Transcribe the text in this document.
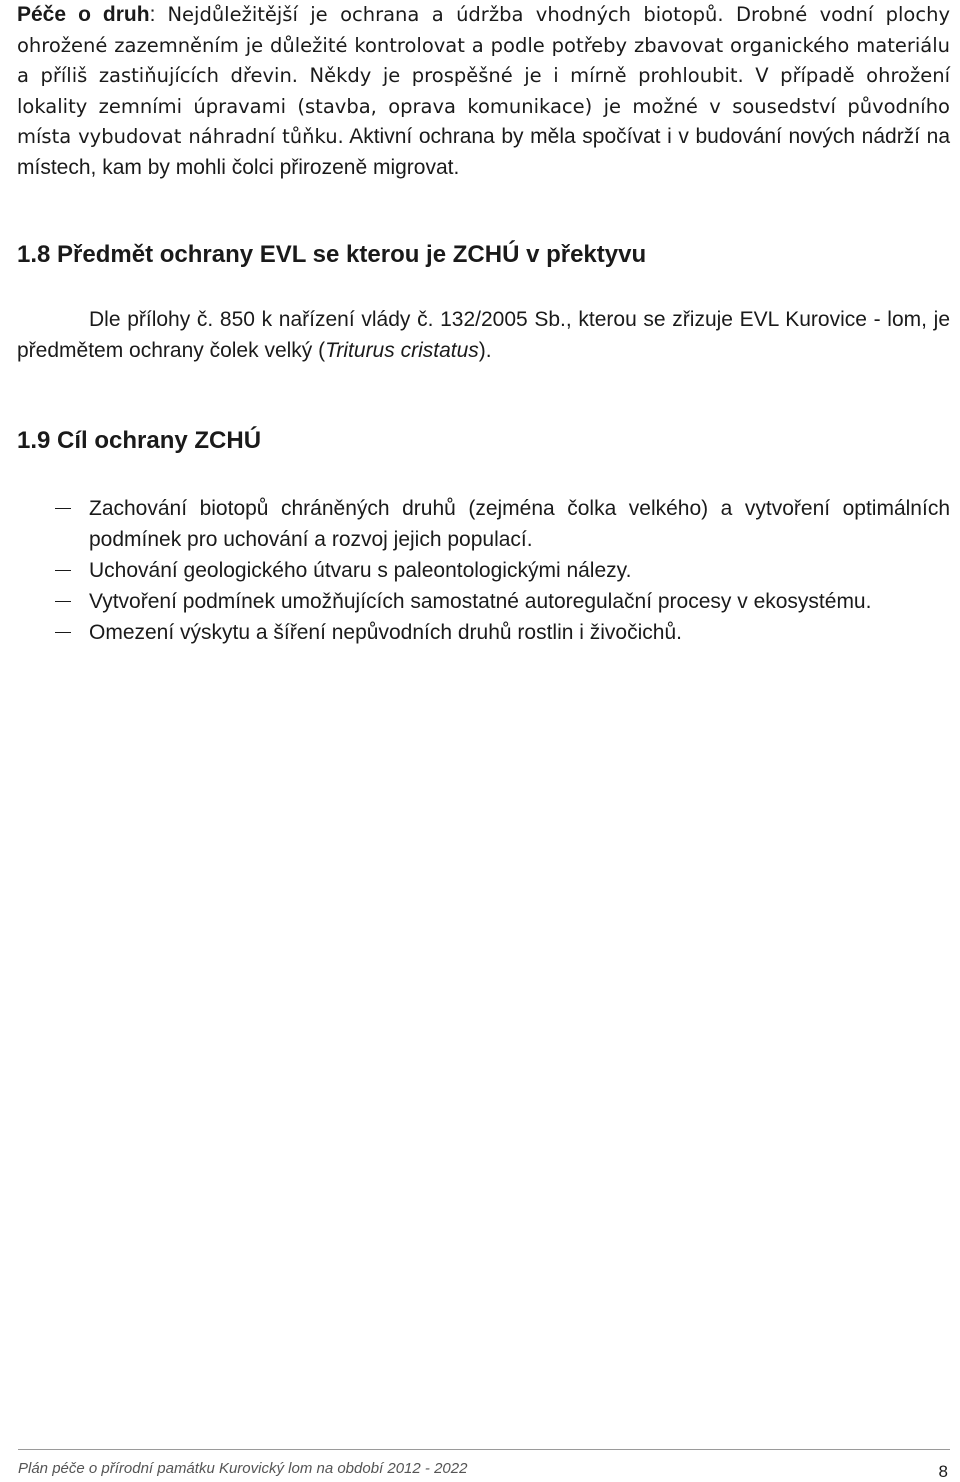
Péče o druh: Nejdůležitější je ochrana a údržba vhodných biotopů. Drobné vodní plochy ohrožené zazemněním je důležité kontrolovat a podle potřeby zbavovat organického materiálu a příliš zastiňujících dřevin. Někdy je prospěšné je i mírně prohloubit. V případě ohrožení lokality zemními úpravami (stavba, oprava komunikace) je možné v sousedství původního místa vybudovat náhradní tůňku. Aktivní ochrana by měla spočívat i v budování nových nádrží na místech, kam by mohli čolci přirozeně migrovat.

1.8 Předmět ochrany EVL se kterou je ZCHÚ v přektyvu

Dle přílohy č. 850 k nařízení vlády č. 132/2005 Sb., kterou se zřizuje EVL Kurovice - lom, je předmětem ochrany čolek velký (Triturus cristatus).

1.9 Cíl ochrany ZCHÚ
Zachování biotopů chráněných druhů (zejména čolka velkého) a vytvoření optimálních podmínek pro uchování a rozvoj jejich populací.
Uchování geologického útvaru s paleontologickými nálezy.
Vytvoření podmínek umožňujících samostatné autoregulační procesy v ekosystému.
Omezení výskytu a šíření nepůvodních druhů rostlin i živočichů.
Plán péče o přírodní památku Kurovický lom na období 2012 - 2022	8
